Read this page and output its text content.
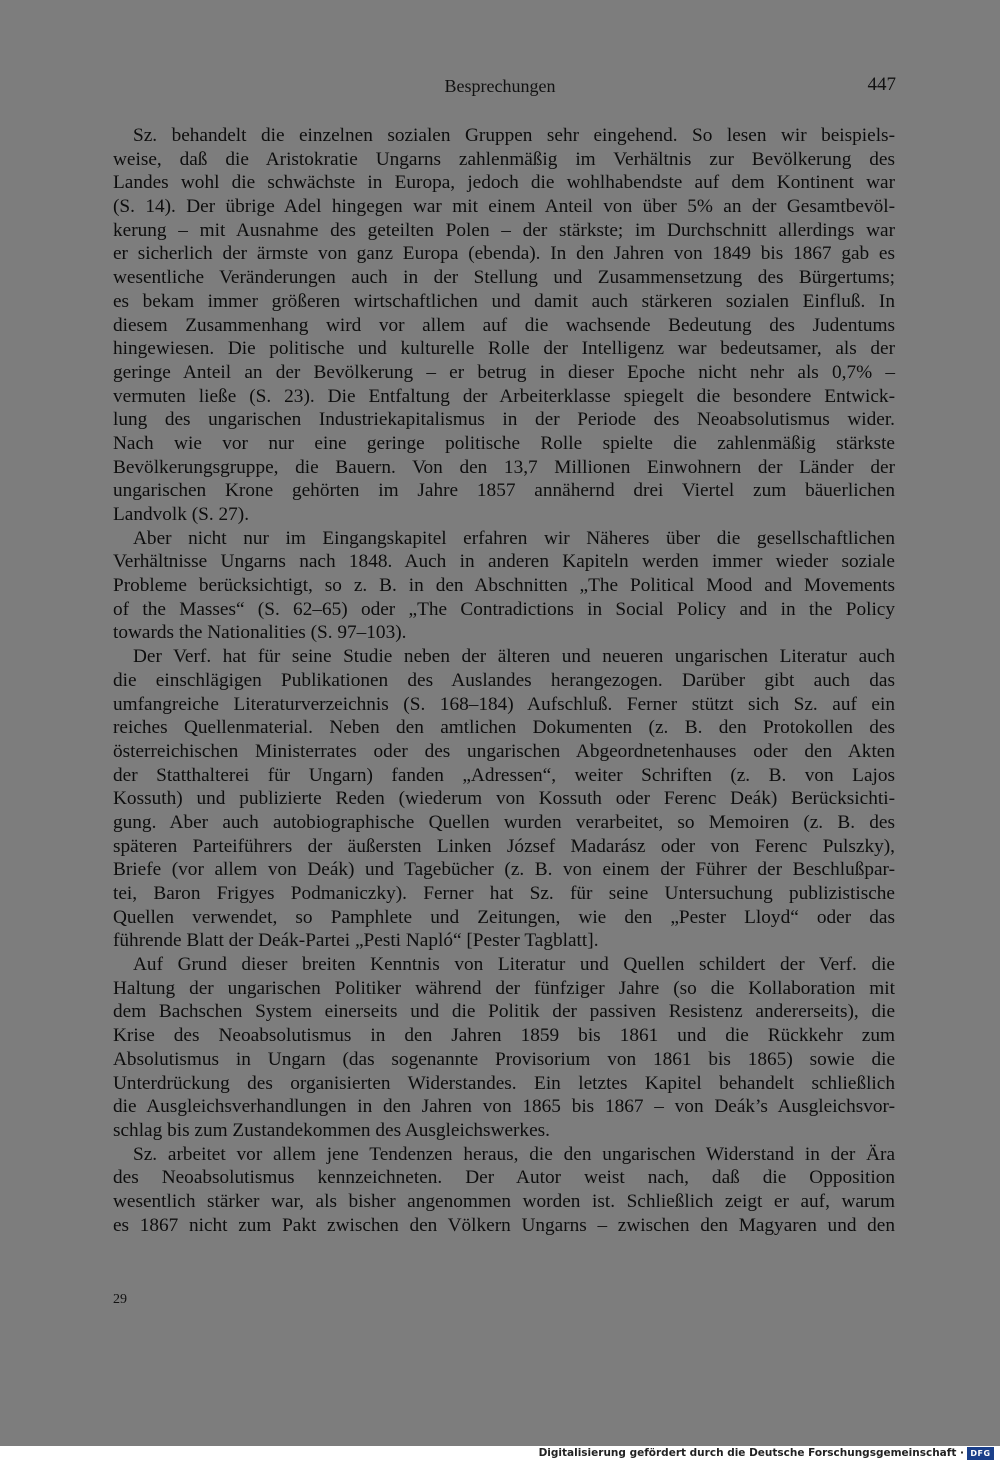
Besprechungen	447
Sz. behandelt die einzelnen sozialen Gruppen sehr eingehend. So lesen wir beispiels-
weise, daß die Aristokratie Ungarns zahlenmäßig im Verhältnis zur Bevölkerung des
Landes wohl die schwächste in Europa, jedoch die wohlhabendste auf dem Kontinent war
(S. 14). Der übrige Adel hingegen war mit einem Anteil von über 5% an der Gesamtbevöl-
kerung – mit Ausnahme des geteilten Polen – der stärkste; im Durchschnitt allerdings war
er sicherlich der ärmste von ganz Europa (ebenda). In den Jahren von 1849 bis 1867 gab es
wesentliche Veränderungen auch in der Stellung und Zusammensetzung des Bürgertums;
es bekam immer größeren wirtschaftlichen und damit auch stärkeren sozialen Einfluß. In
diesem Zusammenhang wird vor allem auf die wachsende Bedeutung des Judentums
hingewiesen. Die politische und kulturelle Rolle der Intelligenz war bedeutsamer, als der
geringe Anteil an der Bevölkerung – er betrug in dieser Epoche nicht nehr als 0,7% –
vermuten ließe (S. 23). Die Entfaltung der Arbeiterklasse spiegelt die besondere Entwick-
lung des ungarischen Industriekapitalismus in der Periode des Neoabsolutismus wider.
Nach wie vor nur eine geringe politische Rolle spielte die zahlenmäßig stärkste
Bevölkerungsgruppe, die Bauern. Von den 13,7 Millionen Einwohnern der Länder der
ungarischen Krone gehörten im Jahre 1857 annähernd drei Viertel zum bäuerlichen
Landvolk (S. 27).
Aber nicht nur im Eingangskapitel erfahren wir Näheres über die gesellschaftlichen
Verhältnisse Ungarns nach 1848. Auch in anderen Kapiteln werden immer wieder soziale
Probleme berücksichtigt, so z. B. in den Abschnitten „The Political Mood and Movements
of the Masses“ (S. 62–65) oder „The Contradictions in Social Policy and in the Policy
towards the Nationalities (S. 97–103).
Der Verf. hat für seine Studie neben der älteren und neueren ungarischen Literatur auch
die einschlägigen Publikationen des Auslandes herangezogen. Darüber gibt auch das
umfangreiche Literaturverzeichnis (S. 168–184) Aufschluß. Ferner stützt sich Sz. auf ein
reiches Quellenmaterial. Neben den amtlichen Dokumenten (z. B. den Protokollen des
österreichischen Ministerrates oder des ungarischen Abgeordnetenhauses oder den Akten
der Statthalterei für Ungarn) fanden „Adressen“, weiter Schriften (z. B. von Lajos
Kossuth) und publizierte Reden (wiederum von Kossuth oder Ferenc Deák) Berücksichti-
gung. Aber auch autobiographische Quellen wurden verarbeitet, so Memoiren (z. B. des
späteren Parteiführers der äußersten Linken József Madarász oder von Ferenc Pulszky),
Briefe (vor allem von Deák) und Tagebücher (z. B. von einem der Führer der Beschlußpar-
tei, Baron Frigyes Podmaniczky). Ferner hat Sz. für seine Untersuchung publizistische
Quellen verwendet, so Pamphlete und Zeitungen, wie den „Pester Lloyd“ oder das
führende Blatt der Deák-Partei „Pesti Napló“ [Pester Tagblatt].
Auf Grund dieser breiten Kenntnis von Literatur und Quellen schildert der Verf. die
Haltung der ungarischen Politiker während der fünfziger Jahre (so die Kollaboration mit
dem Bachschen System einerseits und die Politik der passiven Resistenz andererseits), die
Krise des Neoabsolutismus in den Jahren 1859 bis 1861 und die Rückkehr zum
Absolutismus in Ungarn (das sogenannte Provisorium von 1861 bis 1865) sowie die
Unterdrückung des organisierten Widerstandes. Ein letztes Kapitel behandelt schließlich
die Ausgleichsverhandlungen in den Jahren von 1865 bis 1867 – von Deák’s Ausgleichsvor-
schlag bis zum Zustandekommen des Ausgleichswerkes.
Sz. arbeitet vor allem jene Tendenzen heraus, die den ungarischen Widerstand in der Ära
des Neoabsolutismus kennzeichneten. Der Autor weist nach, daß die Opposition
wesentlich stärker war, als bisher angenommen worden ist. Schließlich zeigt er auf, warum
es 1867 nicht zum Pakt zwischen den Völkern Ungarns – zwischen den Magyaren und den
29
Digitalisierung gefördert durch die Deutsche Forschungsgemeinschaft · DFG
